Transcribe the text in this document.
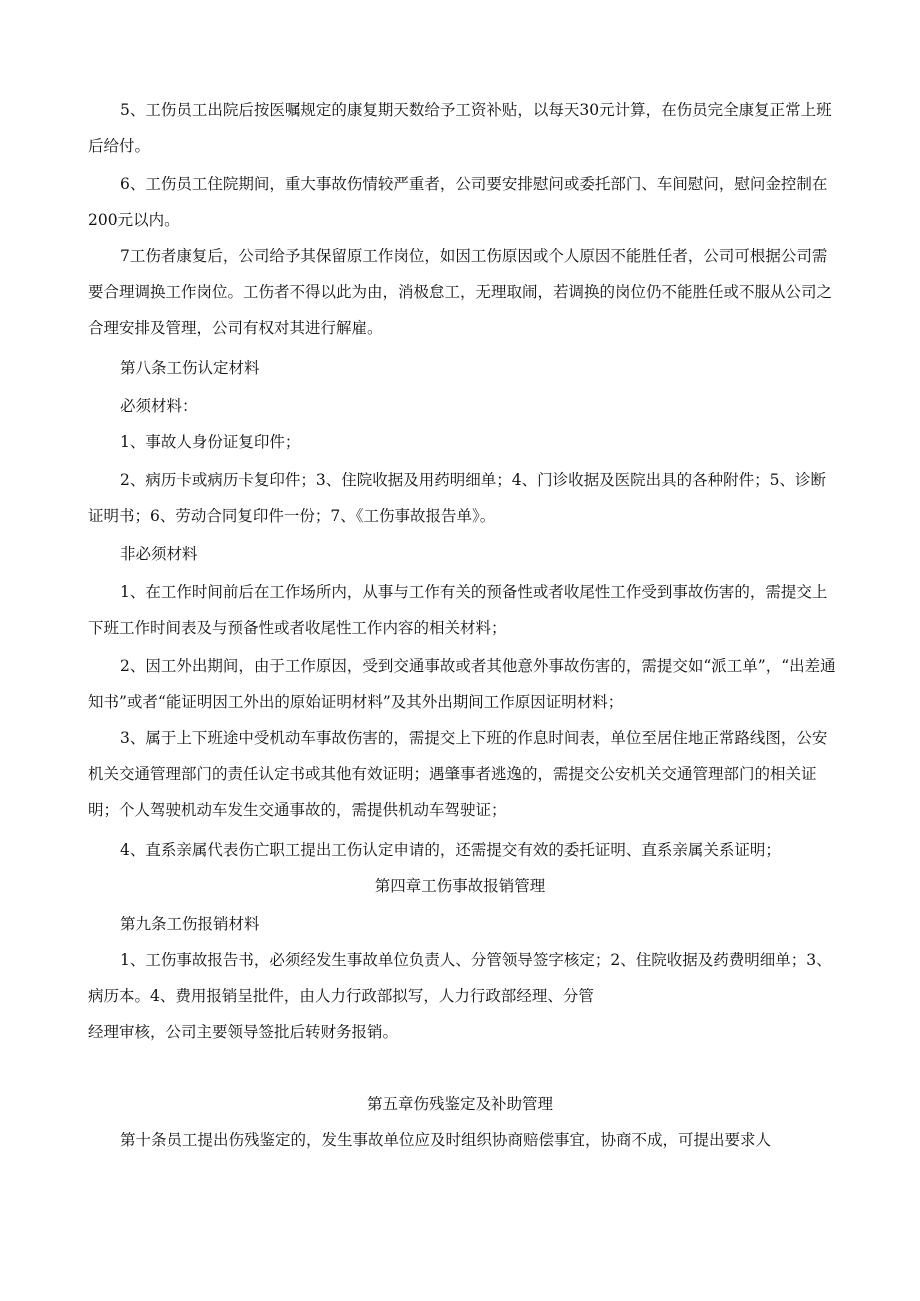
5、工伤员工出院后按医嘱规定的康复期天数给予工资补贴，以每天30元计算，在伤员完全康复正常上班后给付。

6、工伤员工住院期间，重大事故伤情较严重者，公司要安排慰问或委托部门、车间慰问，慰问金控制在200元以内。

7工伤者康复后，公司给予其保留原工作岗位，如因工伤原因或个人原因不能胜任者，公司可根据公司需要合理调换工作岗位。工伤者不得以此为由，消极怠工，无理取闹，若调换的岗位仍不能胜任或不服从公司之合理安排及管理，公司有权对其进行解雇。

第八条工伤认定材料

必须材料：

1、事故人身份证复印件；

2、病历卡或病历卡复印件；3、住院收据及用药明细单；4、门诊收据及医院出具的各种附件；5、诊断证明书；6、劳动合同复印件一份；7、《工伤事故报告单》。

非必须材料

1、在工作时间前后在工作场所内，从事与工作有关的预备性或者收尾性工作受到事故伤害的，需提交上下班工作时间表及与预备性或者收尾性工作内容的相关材料；

2、因工外出期间，由于工作原因，受到交通事故或者其他意外事故伤害的，需提交如“派工单”，“出差通知书”或者“能证明因工外出的原始证明材料”及其外出期间工作原因证明材料；

3、属于上下班途中受机动车事故伤害的，需提交上下班的作息时间表，单位至居住地正常路线图，公安机关交通管理部门的责任认定书或其他有效证明；遇肇事者逃逸的，需提交公安机关交通管理部门的相关证明；个人驾驶机动车发生交通事故的，需提供机动车驾驶证；

4、直系亲属代表伤亡职工提出工伤认定申请的，还需提交有效的委托证明、直系亲属关系证明；

第四章工伤事故报销管理

第九条工伤报销材料

1、工伤事故报告书，必须经发生事故单位负责人、分管领导签字核定；2、住院收据及药费明细单；3、病历本。4、费用报销呈批件，由人力行政部拟写，人力行政部经理、分管

经理审核，公司主要领导签批后转财务报销。

第五章伤残鉴定及补助管理

第十条员工提出伤残鉴定的，发生事故单位应及时组织协商赔偿事宜，协商不成，可提出要求人
